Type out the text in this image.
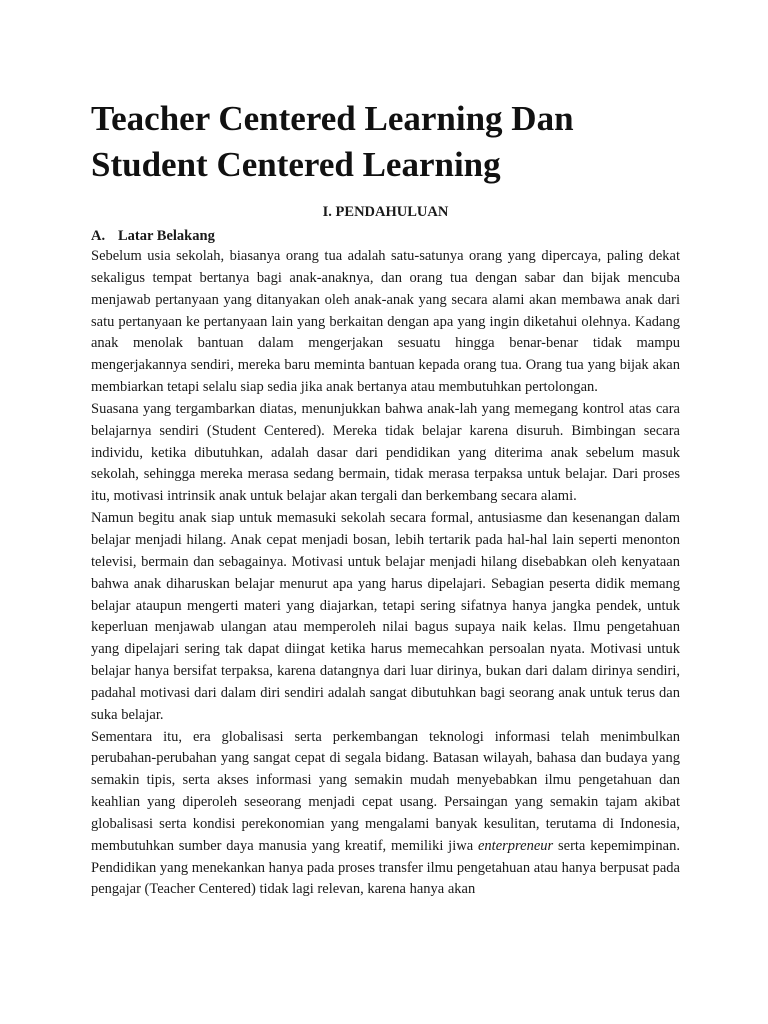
Teacher Centered Learning Dan
Student Centered Learning
I. PENDAHULUAN
A. Latar Belakang

Sebelum usia sekolah, biasanya orang tua adalah satu-satunya orang yang dipercaya, paling dekat sekaligus tempat bertanya bagi anak-anaknya, dan orang tua dengan sabar dan bijak mencuba menjawab pertanyaan yang ditanyakan oleh anak-anak yang secara alami akan membawa anak dari satu pertanyaan ke pertanyaan lain yang berkaitan dengan apa yang ingin diketahui olehnya. Kadang anak menolak bantuan dalam mengerjakan sesuatu hingga benar-benar tidak mampu mengerjakannya sendiri, mereka baru meminta bantuan kepada orang tua. Orang tua yang bijak akan membiarkan tetapi selalu siap sedia jika anak bertanya atau membutuhkan pertolongan.

Suasana yang tergambarkan diatas, menunjukkan bahwa anak-lah yang memegang kontrol atas cara belajarnya sendiri (Student Centered). Mereka tidak belajar karena disuruh. Bimbingan secara individu, ketika dibutuhkan, adalah dasar dari pendidikan yang diterima anak sebelum masuk sekolah, sehingga mereka merasa sedang bermain, tidak merasa terpaksa untuk belajar. Dari proses itu, motivasi intrinsik anak untuk belajar akan tergali dan berkembang secara alami.

Namun begitu anak siap untuk memasuki sekolah secara formal, antusiasme dan kesenangan dalam belajar menjadi hilang. Anak cepat menjadi bosan, lebih tertarik pada hal-hal lain seperti menonton televisi, bermain dan sebagainya. Motivasi untuk belajar menjadi hilang disebabkan oleh kenyataan bahwa anak diharuskan belajar menurut apa yang harus dipelajari. Sebagian peserta didik memang belajar ataupun mengerti materi yang diajarkan, tetapi sering sifatnya hanya jangka pendek, untuk keperluan menjawab ulangan atau memperoleh nilai bagus supaya naik kelas. Ilmu pengetahuan yang dipelajari sering tak dapat diingat ketika harus memecahkan persoalan nyata. Motivasi untuk belajar hanya bersifat terpaksa, karena datangnya dari luar dirinya, bukan dari dalam dirinya sendiri, padahal motivasi dari dalam diri sendiri adalah sangat dibutuhkan bagi seorang anak untuk terus dan suka belajar.

Sementara itu, era globalisasi serta perkembangan teknologi informasi telah menimbulkan perubahan-perubahan yang sangat cepat di segala bidang. Batasan wilayah, bahasa dan budaya yang semakin tipis, serta akses informasi yang semakin mudah menyebabkan ilmu pengetahuan dan keahlian yang diperoleh seseorang menjadi cepat usang. Persaingan yang semakin tajam akibat globalisasi serta kondisi perekonomian yang mengalami banyak kesulitan, terutama di Indonesia, membutuhkan sumber daya manusia yang kreatif, memiliki jiwa enterpreneur serta kepemimpinan. Pendidikan yang menekankan hanya pada proses transfer ilmu pengetahuan atau hanya berpusat pada pengajar (Teacher Centered) tidak lagi relevan, karena hanya akan
